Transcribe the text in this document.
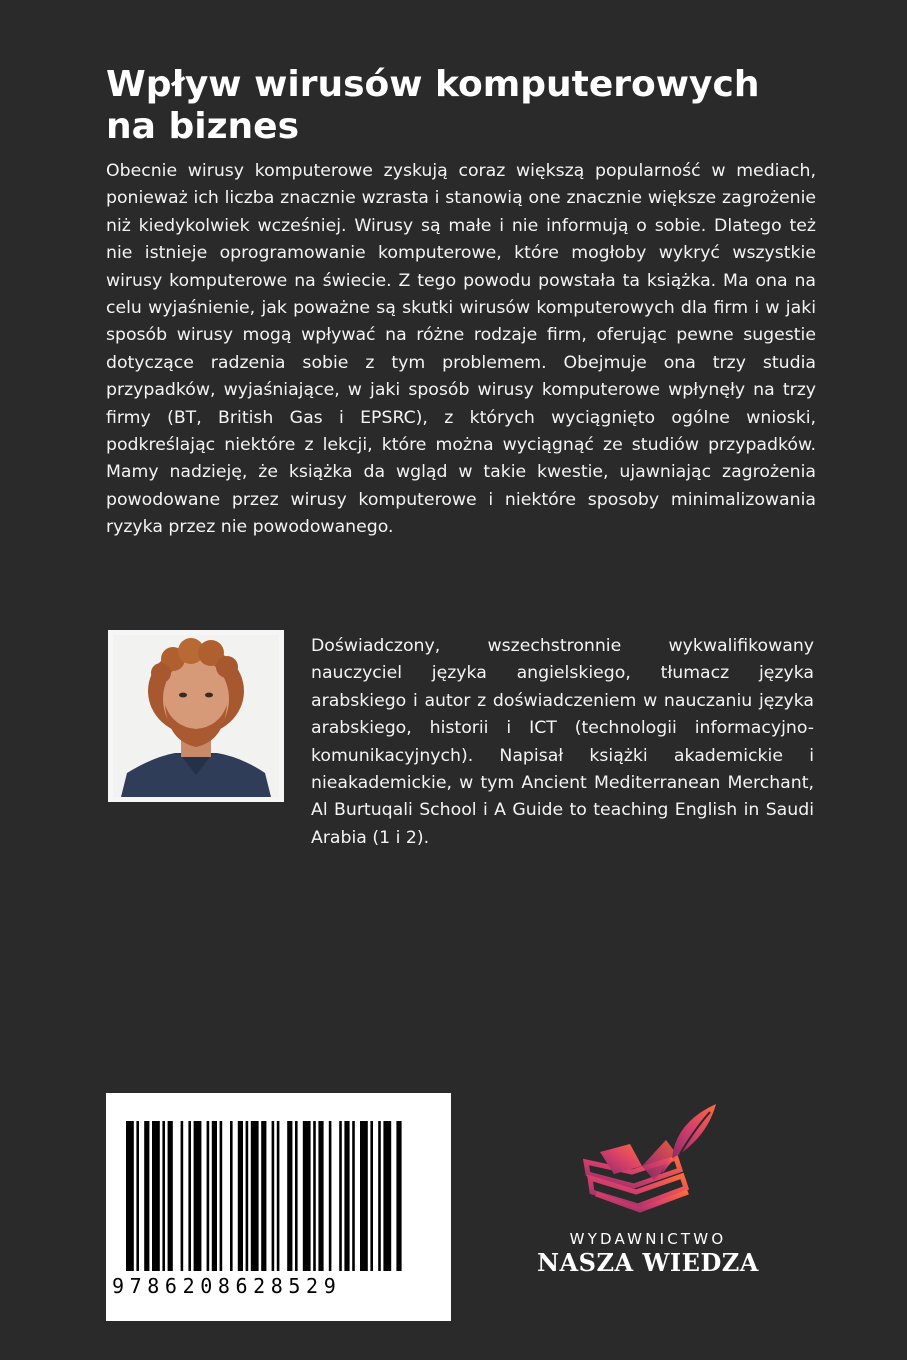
Wpływ wirusów komputerowych na biznes

Obecnie wirusy komputerowe zyskują coraz większą popularność w mediach, ponieważ ich liczba znacznie wzrasta i stanowią one znacznie większe zagrożenie niż kiedykolwiek wcześniej. Wirusy są małe i nie informują o sobie. Dlatego też nie istnieje oprogramowanie komputerowe, które mogłoby wykryć wszystkie wirusy komputerowe na świecie. Z tego powodu powstała ta książka. Ma ona na celu wyjaśnienie, jak poważne są skutki wirusów komputerowych dla firm i w jaki sposób wirusy mogą wpływać na różne rodzaje firm, oferując pewne sugestie dotyczące radzenia sobie z tym problemem. Obejmuje ona trzy studia przypadków, wyjaśniające, w jaki sposób wirusy komputerowe wpłynęły na trzy firmy (BT, British Gas i EPSRC), z których wyciągnięto ogólne wnioski, podkreślając niektóre z lekcji, które można wyciągnąć ze studiów przypadków. Mamy nadzieję, że książka da wgląd w takie kwestie, ujawniając zagrożenia powodowane przez wirusy komputerowe i niektóre sposoby minimalizowania ryzyka przez nie powodowanego.

Doświadczony, wszechstronnie wykwalifikowany nauczyciel języka angielskiego, tłumacz języka arabskiego i autor z doświadczeniem w nauczaniu języka arabskiego, historii i ICT (technologii informacyjno-komunikacyjnych). Napisał książki akademickie i nieakademickie, w tym Ancient Mediterranean Merchant, Al Burtuqali School i A Guide to teaching English in Saudi Arabia (1 i 2).

9786208628529
WYDAWNICTWO
NASZA WIEDZA
